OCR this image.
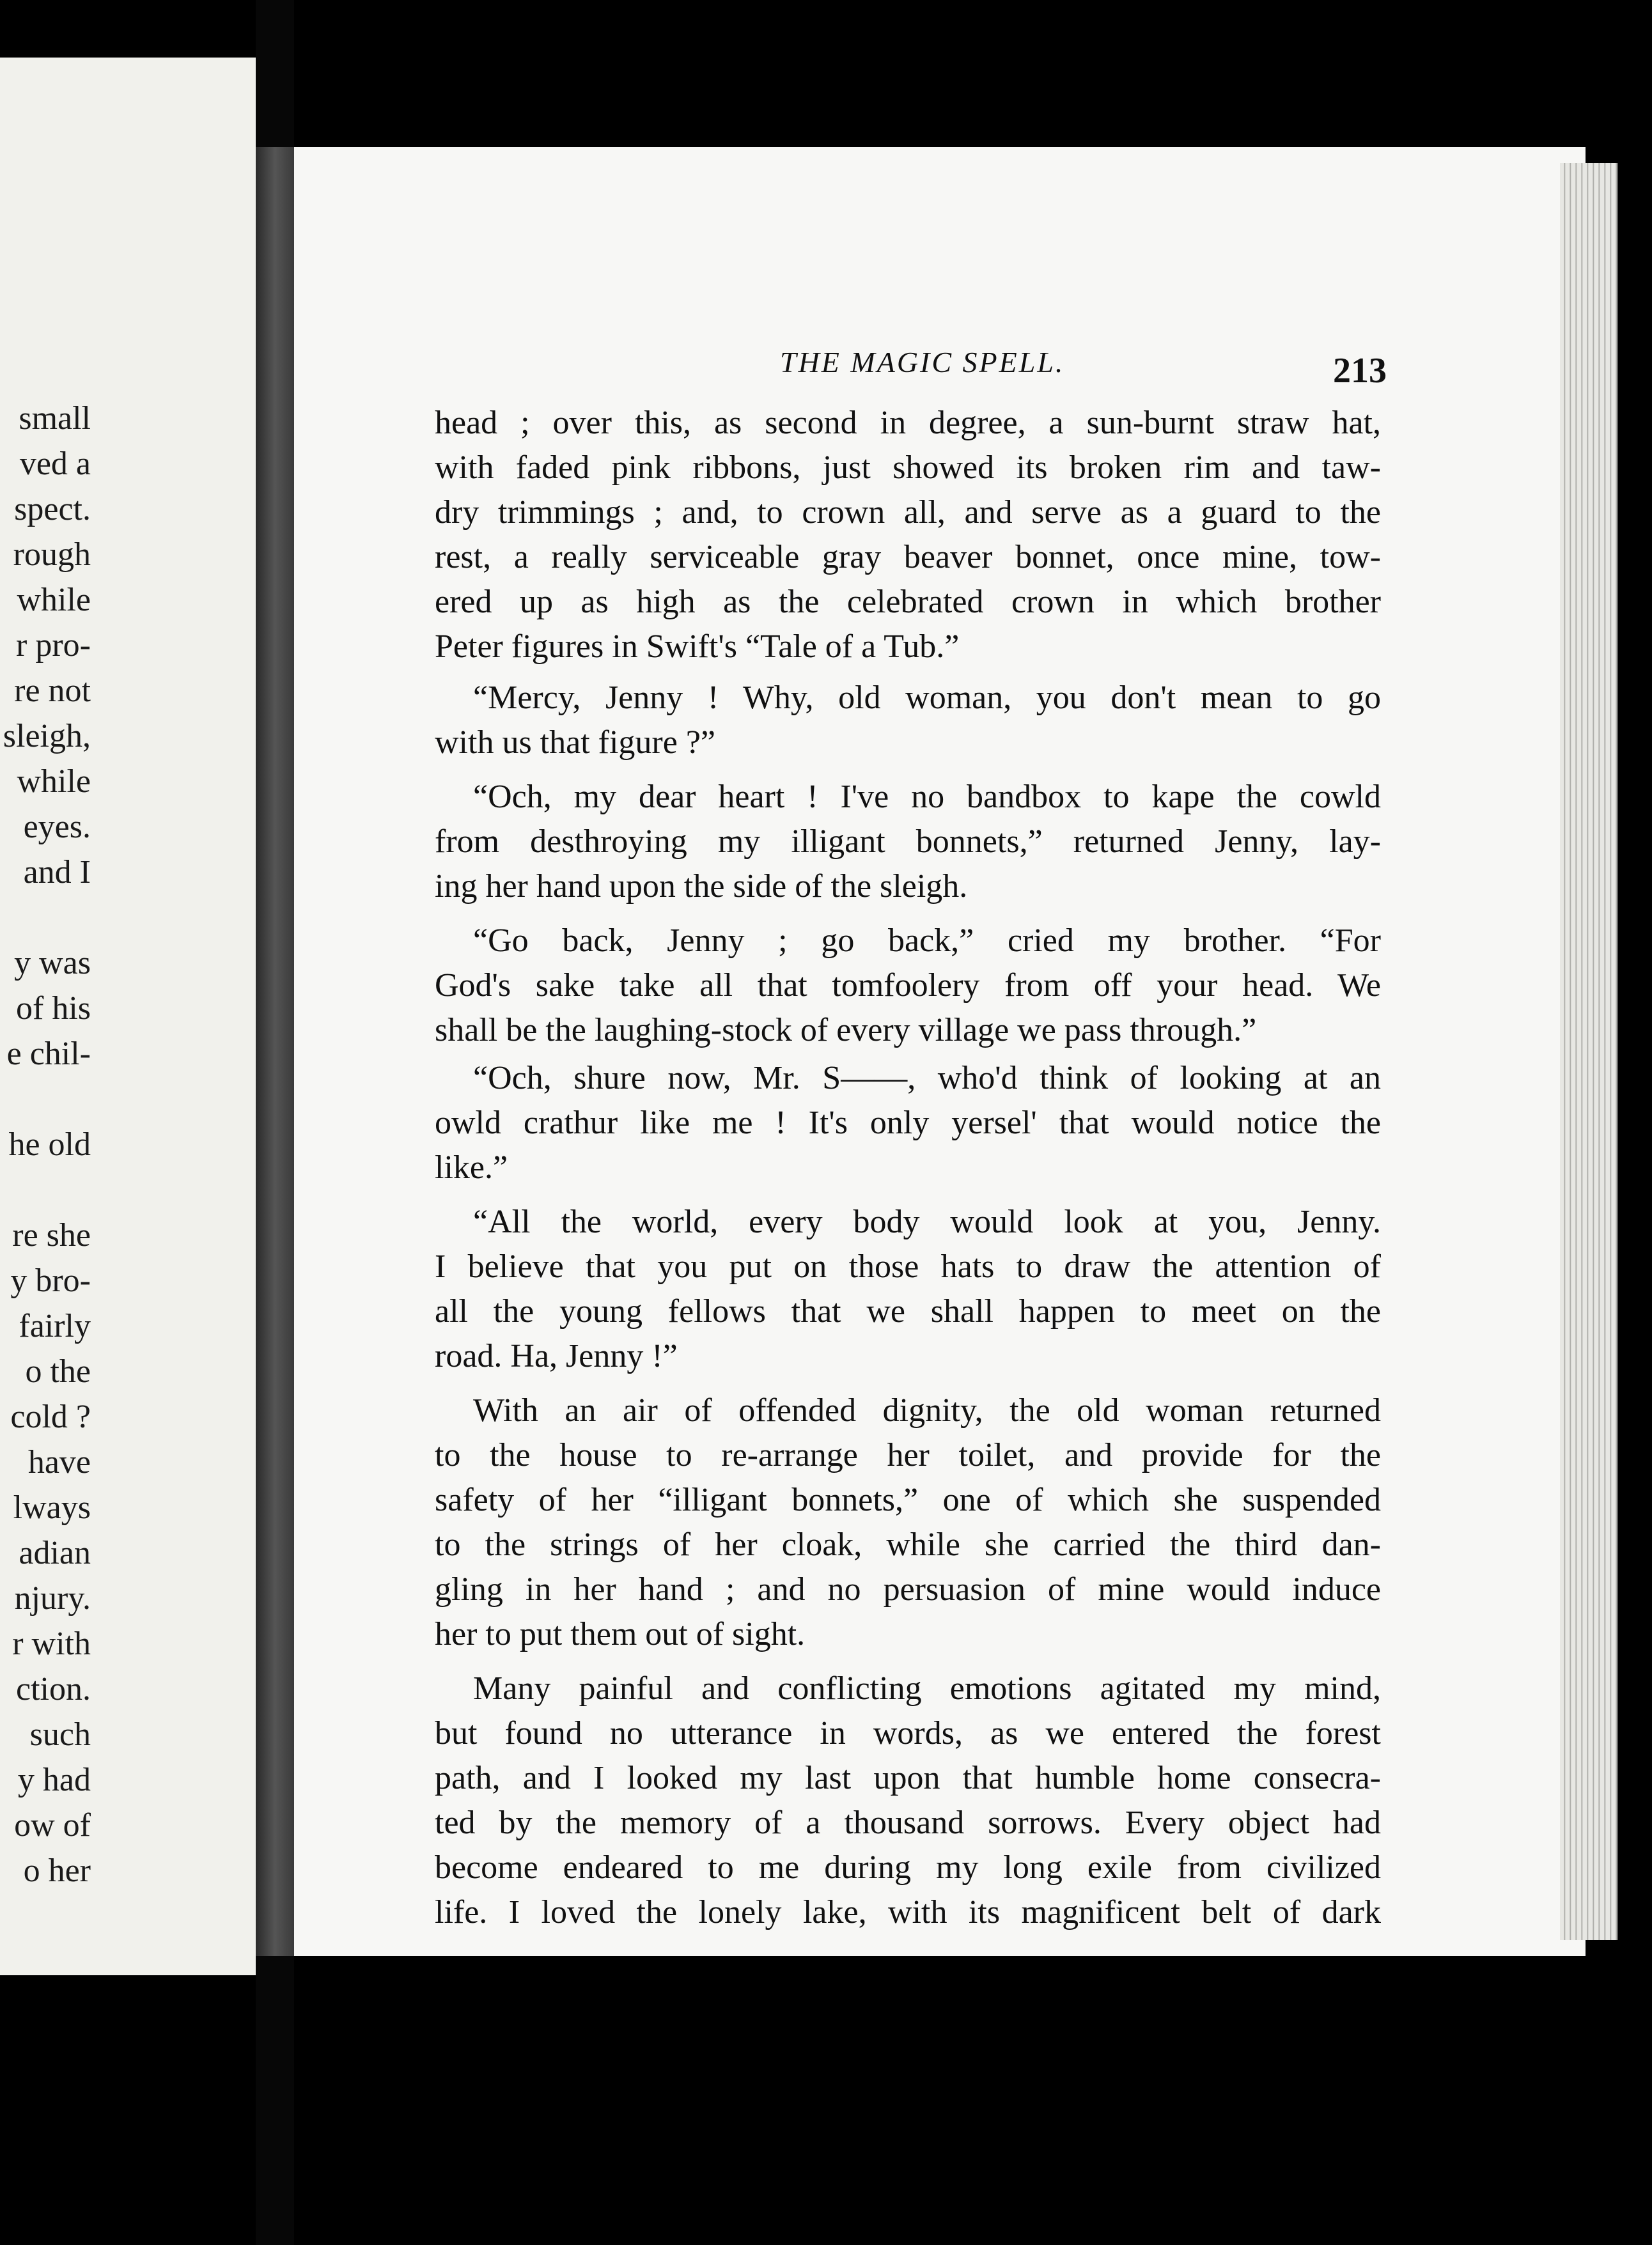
small
ved a
spect.
rough
while
r pro-
re not
sleigh,
while
eyes.
and I
y was
of his
e chil-
he old
re she
y bro-
fairly
o the
cold ?
have
lways
adian
njury.
r with
ction.
such
y had
ow of
o her
THE MAGIC SPELL.	213
head ; over this, as second in degree, a sun-burnt straw hat,
with faded pink ribbons, just showed its broken rim and taw-
dry trimmings ; and, to crown all, and serve as a guard to the
rest, a really serviceable gray beaver bonnet, once mine, tow-
ered up as high as the celebrated crown in which brother
Peter figures in Swift's “Tale of a Tub.”
“Mercy, Jenny ! Why, old woman, you don't mean to go
with us that figure ?”
“Och, my dear heart ! I've no bandbox to kape the cowld
from desthroying my illigant bonnets,” returned Jenny, lay-
ing her hand upon the side of the sleigh.
“Go back, Jenny ; go back,” cried my brother. “For
God's sake take all that tomfoolery from off your head. We
shall be the laughing-stock of every village we pass through.”
“Och, shure now, Mr. S——, who'd think of looking at an
owld crathur like me ! It's only yersel' that would notice the
like.”
“All the world, every body would look at you, Jenny.
I believe that you put on those hats to draw the attention of
all the young fellows that we shall happen to meet on the
road. Ha, Jenny !”
With an air of offended dignity, the old woman returned
to the house to re-arrange her toilet, and provide for the
safety of her “illigant bonnets,” one of which she suspended
to the strings of her cloak, while she carried the third dan-
gling in her hand ; and no persuasion of mine would induce
her to put them out of sight.
Many painful and conflicting emotions agitated my mind,
but found no utterance in words, as we entered the forest
path, and I looked my last upon that humble home consecra-
ted by the memory of a thousand sorrows. Every object had
become endeared to me during my long exile from civilized
life. I loved the lonely lake, with its magnificent belt of dark
